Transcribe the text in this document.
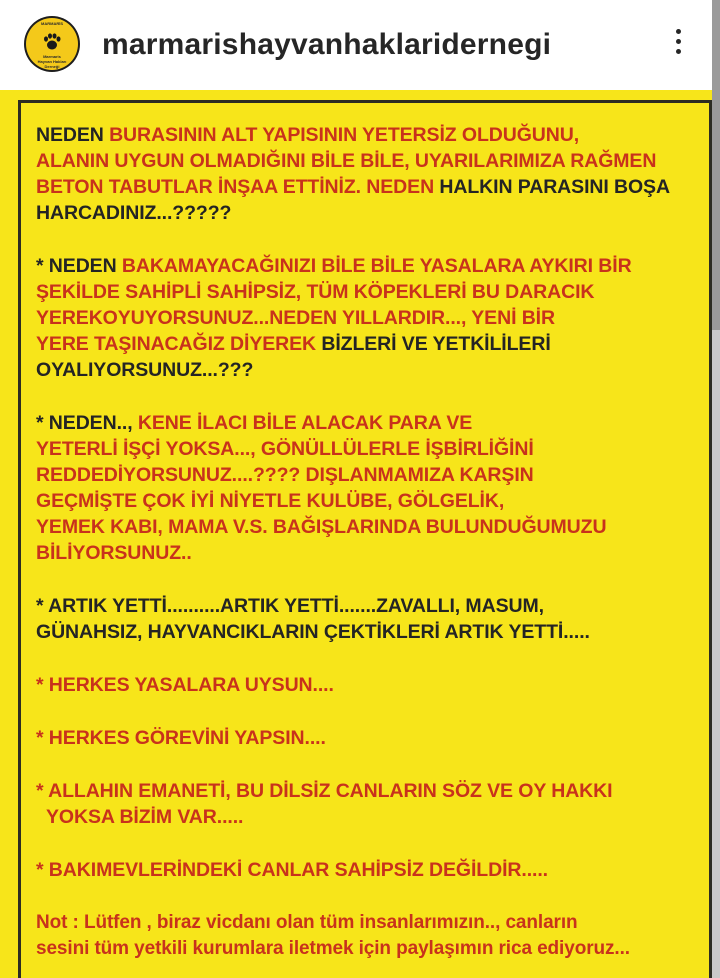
MARMARİS
Marmaris
Hayvan Hakları
Derneği
marmarishayvanhaklaridernegi

NEDEN BURASININ ALT YAPISININ YETERSİZ OLDUĞUNU,

ALANIN UYGUN OLMADIĞINI BİLE BİLE, UYARILARIMIZA RAĞMEN

BETON TABUTLAR İNŞAA ETTİNİZ. NEDEN HALKIN PARASINI BOŞA

HARCADINIZ...?????

* NEDEN BAKAMAYACAĞINIZI BİLE BİLE YASALARA AYKIRI BİR

ŞEKİLDE SAHİPLİ SAHİPSİZ, TÜM KÖPEKLERİ BU DARACIK

YEREKOYUYORSUNUZ...NEDEN YILLARDIR..., YENİ BİR

YERE TAŞINACAĞIZ DİYEREK BİZLERİ VE YETKİLİLERİ

OYALIYORSUNUZ...???

* NEDEN.., KENE İLACI BİLE ALACAK PARA VE

YETERLİ İŞÇİ YOKSA..., GÖNÜLLÜLERLE İŞBİRLİĞİNİ

REDDEDİYORSUNUZ....???? DIŞLANMAMIZA KARŞIN

GEÇMİŞTE ÇOK İYİ NİYETLE KULÜBE, GÖLGELİK,

YEMEK KABI, MAMA V.S. BAĞIŞLARINDA BULUNDUĞUMUZU

BİLİYORSUNUZ..

* ARTIK YETTİ..........ARTIK YETTİ.......ZAVALLI, MASUM,

GÜNAHSIZ, HAYVANCIKLARIN ÇEKTİKLERİ ARTIK YETTİ.....

* HERKES YASALARA UYSUN....

* HERKES GÖREVİNİ YAPSIN....

* ALLAHIN EMANETİ, BU DİLSİZ CANLARIN SÖZ VE OY HAKKI

YOKSA BİZİM VAR.....

* BAKIMEVLERİNDEKİ CANLAR SAHİPSİZ DEĞİLDİR.....

Not : Lütfen , biraz vicdanı olan tüm insanlarımızın.., canların

sesini tüm yetkili kurumlara iletmek için paylaşımın rica ediyoruz...
